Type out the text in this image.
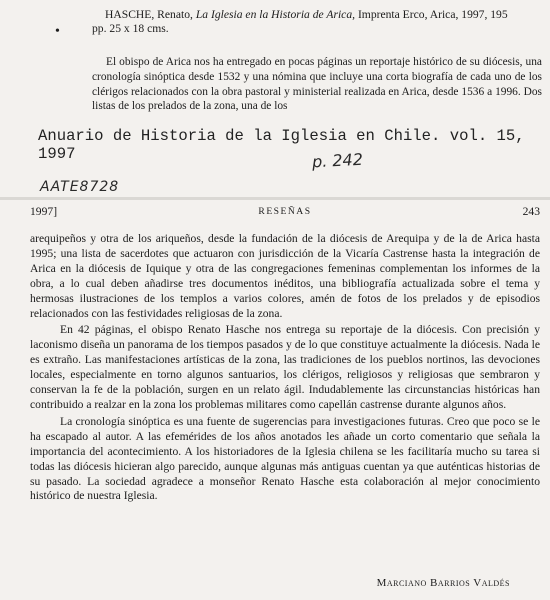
HASCHE, Renato, La Iglesia en la Historia de Arica, Imprenta Erco, Arica, 1997, 195
•	pp. 25 x 18 cms.

El obispo de Arica nos ha entregado en pocas páginas un reportaje histórico de su diócesis, una cronología sinóptica desde 1532 y una nómina que incluye una corta biografía de cada uno de los clérigos relacionados con la obra pastoral y ministerial realizada en Arica, desde 1536 a 1996. Dos listas de los prelados de la zona, una de los

Anuario de Historia de la Iglesia en Chile. vol. 15, 1997	p. 242
AATE8728
1997]	RESEÑAS	243

arequipeños y otra de los ariqueños, desde la fundación de la diócesis de Arequipa y de la de Arica hasta 1995; una lista de sacerdotes que actuaron con jurisdicción de la Vicaría Castrense hasta la integración de Arica en la diócesis de Iquique y otra de las congregaciones femeninas complementan los informes de la obra, a lo cual deben añadirse tres documentos inéditos, una bibliografía actualizada sobre el tema y hermosas ilustraciones de los templos a varios colores, amén de fotos de los prelados y de episodios relacionados con las festividades religiosas de la zona.

En 42 páginas, el obispo Renato Hasche nos entrega su reportaje de la diócesis. Con precisión y laconismo diseña un panorama de los tiempos pasados y de lo que constituye actualmente la diócesis. Nada le es extraño. Las manifestaciones artísticas de la zona, las tradiciones de los pueblos nortinos, las devociones locales, especialmente en torno algunos santuarios, los clérigos, religiosos y religiosas que sembraron y conservan la fe de la población, surgen en un relato ágil. Indudablemente las circunstancias históricas han contribuido a realzar en la zona los problemas militares como capellán castrense durante algunos años.

La cronología sinóptica es una fuente de sugerencias para investigaciones futuras. Creo que poco se le ha escapado al autor. A las efemérides de los años anotados les añade un corto comentario que señala la importancia del acontecimiento. A los historiadores de la Iglesia chilena se les facilitaría mucho su tarea si todas las diócesis hicieran algo parecido, aunque algunas más antiguas cuentan ya que auténticas historias de su pasado. La sociedad agradece a monseñor Renato Hasche esta colaboración al mejor conocimiento histórico de nuestra Iglesia.

Marciano Barrios Valdés
